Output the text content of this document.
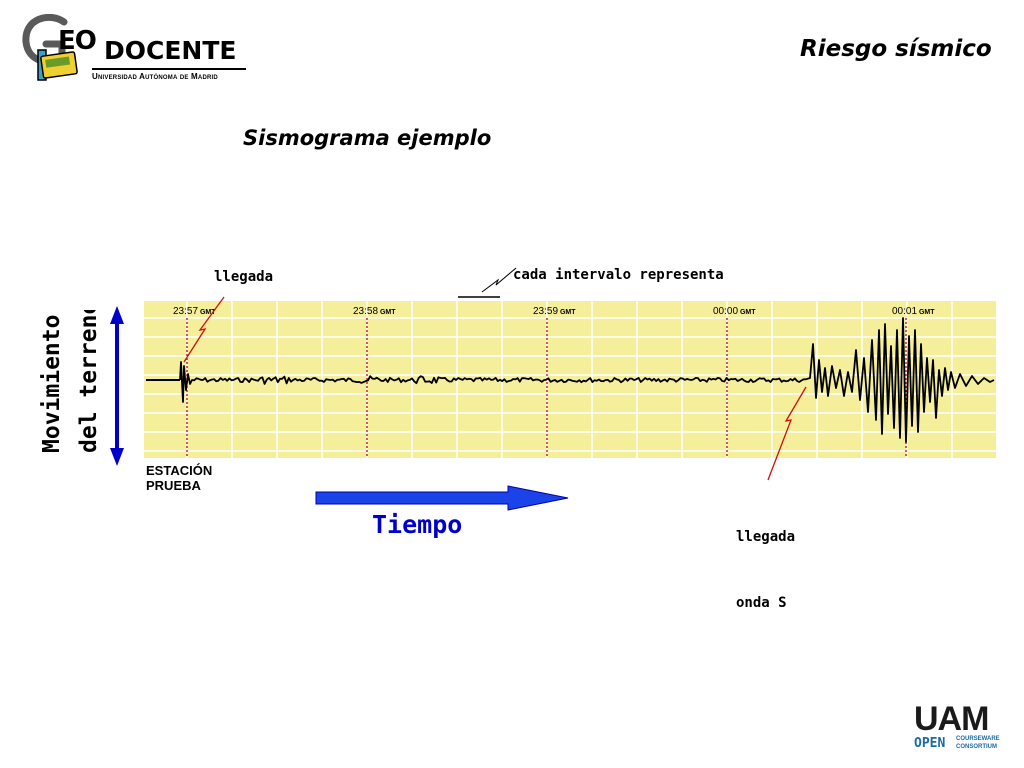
EO DOCENTE
Universidad Autónoma de Madrid
Riesgo sísmico
Sismograma ejemplo

llegada

	cada intervalo representa

llegada

onda S

23:57 GMT	23:58 GMT	23:59 GMT	00:00 GMT	00:01 GMT
Movimiento del terreno
Tiempo
ESTACIÓN
PRUEBA
UAM
OPEN COURSEWARE
CONSORTIUM
